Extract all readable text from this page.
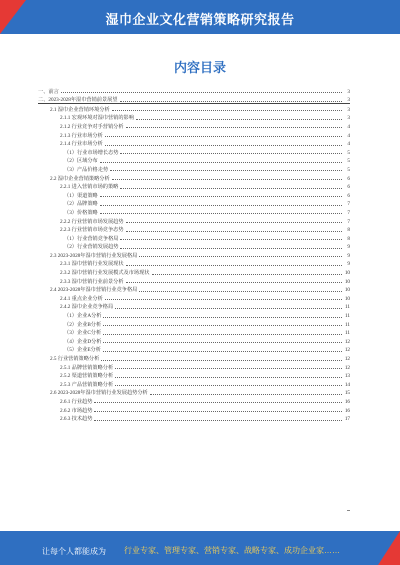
湿巾企业文化营销策略研究报告
内容目录
一、前言	3
二、2023-2028年湿巾营销前景展望	3
2.1 湿巾企业营销环境分析	3
2.1.1 宏观环境对湿巾营销的影响	3
2.1.2 行业竞争对手营销分析	4
2.1.3 行业市场分析	4
2.1.4 行业市场分析	4
（1）行业市场增长态势	5
（2）区域分布	5
（3）产品价格走势	5
2.2 湿巾企业营销策略分析	6
2.2.1 进入营销市场的策略	6
（1）渠道策略	6
（2）品牌策略	7
（3）价格策略	7
2.2.2 行业营销市场发展趋势	7
2.2.3 行业营销市场竞争态势	8
（1）行业营销竞争格局	8
（2）行业营销发展趋势	9
2.3 2023-2028年湿巾营销行业发展格局	9
2.3.1 湿巾营销行业发展现状	9
2.3.2 湿巾营销行业发展模式及市场现状	10
2.3.3 湿巾营销行业前景分析	10
2.4 2023-2028年湿巾营销行业竞争格局	10
2.4.1 重点企业分析	10
2.4.2 湿巾企业竞争格局	11
（1）企业A分析	11
（2）企业B分析	11
（3）企业C分析	11
（4）企业D分析	12
（5）企业E分析	12
2.5 行业营销策略分析	12
2.5.1 品牌营销策略分析	12
2.5.2 渠道营销策略分析	13
2.5.3 产品营销策略分析	14
2.6 2023-2028年湿巾营销行业发展趋势分析	15
2.6.1 行业趋势	16
2.6.2 市场趋势	16
2.6.3 技术趋势	17
让每个人都能成为 行业专家、管理专家、营销专家、战略专家、成功企业家……
